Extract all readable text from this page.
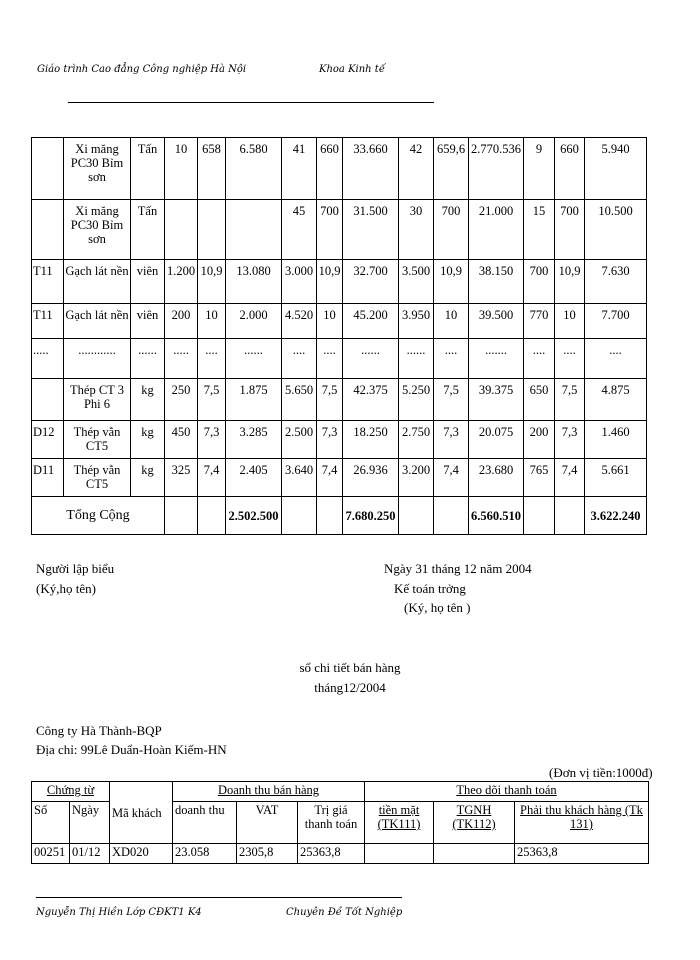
Giáo trình Cao đẳng Công nghiệp Hà Nội	Khoa Kinh tế
	Xi măng PC30 Bỉm sơn	Tấn	10	658	6.580	41	660	33.660	42	659,6	2.770.536	9	660	5.940
	Xi măng PC30 Bỉm sơn	Tấn				45	700	31.500	30	700	21.000	15	700	10.500
T11	Gạch lát nền	viên	1.200	10,9	13.080	3.000	10,9	32.700	3.500	10,9	38.150	700	10,9	7.630
T11	Gạch lát nền	viên	200	10	2.000	4.520	10	45.200	3.950	10	39.500	770	10	7.700
.....	............	......	.....	....	......	....	....	......	......	....	.......	....	....	....
	Thép CT 3 Phi 6	kg	250	7,5	1.875	5.650	7,5	42.375	5.250	7,5	39.375	650	7,5	4.875
D12	Thép vằn CT5	kg	450	7,3	3.285	2.500	7,3	18.250	2.750	7,3	20.075	200	7,3	1.460
D11	Thép vằn CT5	kg	325	7,4	2.405	3.640	7,4	26.936	3.200	7,4	23.680	765	7,4	5.661
Tổng Cộng					2.502.500			7.680.250			6.560.510			3.622.240
Người lập biểu
(Ký,họ tên)
Ngày 31 tháng 12 năm 2004
Kế toán trởng
(Ký, họ tên )
sổ chi tiết bán hàng
tháng12/2004
Công ty Hà Thành-BQP
Địa chỉ: 99Lê Duẩn-Hoàn Kiếm-HN
(Đơn vị tiền:1000đ)
Chứng từ		Mã khách	Doanh thu bán hàng			Theo dõi thanh toán		
Số	Ngày		doanh thu	VAT	Trị giá thanh toán	tiền mặt (TK111)	TGNH (TK112)	Phải thu khách hàng (Tk 131)
00251	01/12	XD020	23.058	2305,8	25363,8			25363,8
Nguyễn Thị Hiền Lớp CĐKT1 K4	Chuyên Đề Tốt Nghiệp
